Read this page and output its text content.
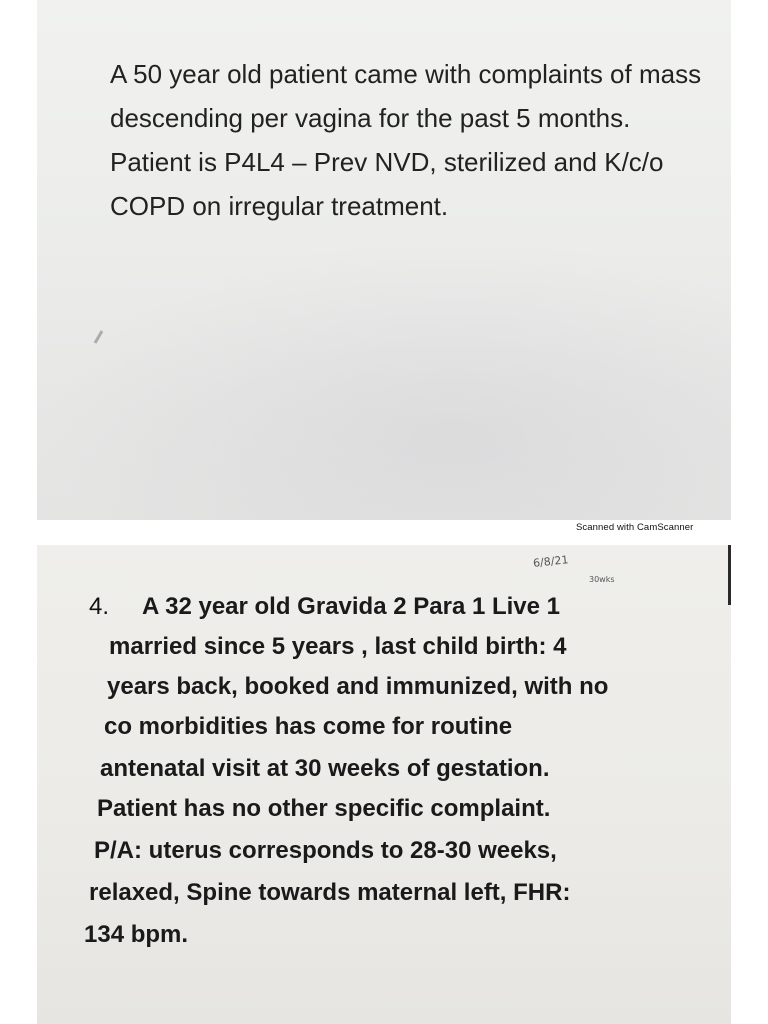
A 50 year old patient came with complaints of mass descending per vagina for the past 5 months. Patient is P4L4 – Prev NVD, sterilized and K/c/o COPD on irregular treatment.

Scanned with CamScanner
6/8/21
30wks
4. A 32 year old Gravida 2 Para 1 Live 1

married since 5 years , last child birth: 4

years back, booked and immunized, with no

co morbidities has come for routine

antenatal visit at 30 weeks of gestation.

Patient has no other specific complaint.

P/A: uterus corresponds to 28-30 weeks,

relaxed, Spine towards maternal left, FHR:

134 bpm.
